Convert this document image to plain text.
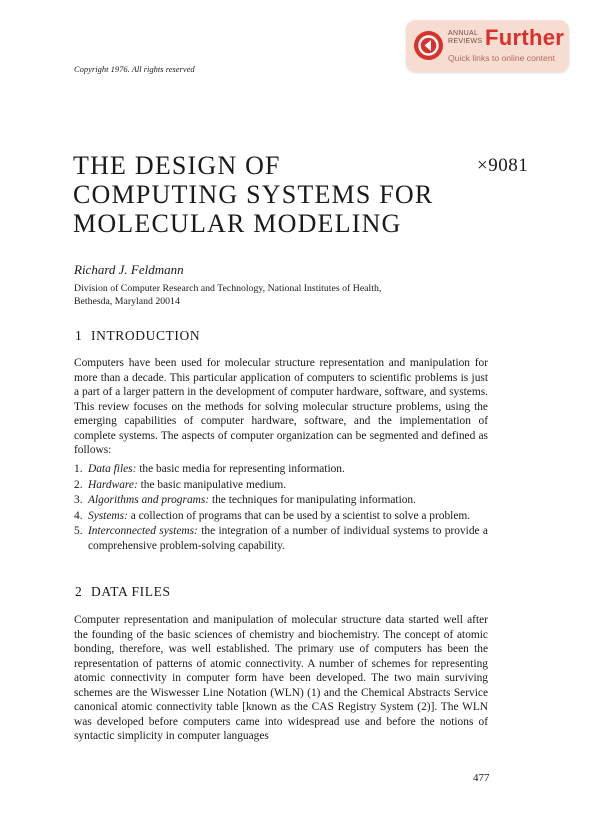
ANNUAL
REVIEWS Further
Quick links to online content
Copyright 1976. All rights reserved
THE DESIGN OF
COMPUTING SYSTEMS FOR
MOLECULAR MODELING
×9081
Richard J. Feldmann
Division of Computer Research and Technology, National Institutes of Health,
Bethesda, Maryland 20014
1 INTRODUCTION
Computers have been used for molecular structure representation and manipulation for more than a decade. This particular application of computers to scientific problems is just a part of a larger pattern in the development of computer hardware, software, and systems. This review focuses on the methods for solving molecular structure problems, using the emerging capabilities of computer hardware, software, and the implementation of complete systems. The aspects of computer organization can be segmented and defined as follows:
1. Data files: the basic media for representing information.
2. Hardware: the basic manipulative medium.
3. Algorithms and programs: the techniques for manipulating information.
4. Systems: a collection of programs that can be used by a scientist to solve a problem.
5. Interconnected systems: the integration of a number of individual systems to provide a comprehensive problem-solving capability.
2 DATA FILES
Computer representation and manipulation of molecular structure data started well after the founding of the basic sciences of chemistry and biochemistry. The concept of atomic bonding, therefore, was well established. The primary use of computers has been the representation of patterns of atomic connectivity. A number of schemes for representing atomic connectivity in computer form have been developed. The two main surviving schemes are the Wiswesser Line Notation (WLN) (1) and the Chemical Abstracts Service canonical atomic connectivity table [known as the CAS Registry System (2)]. The WLN was developed before computers came into widespread use and before the notions of syntactic simplicity in computer languages
477
